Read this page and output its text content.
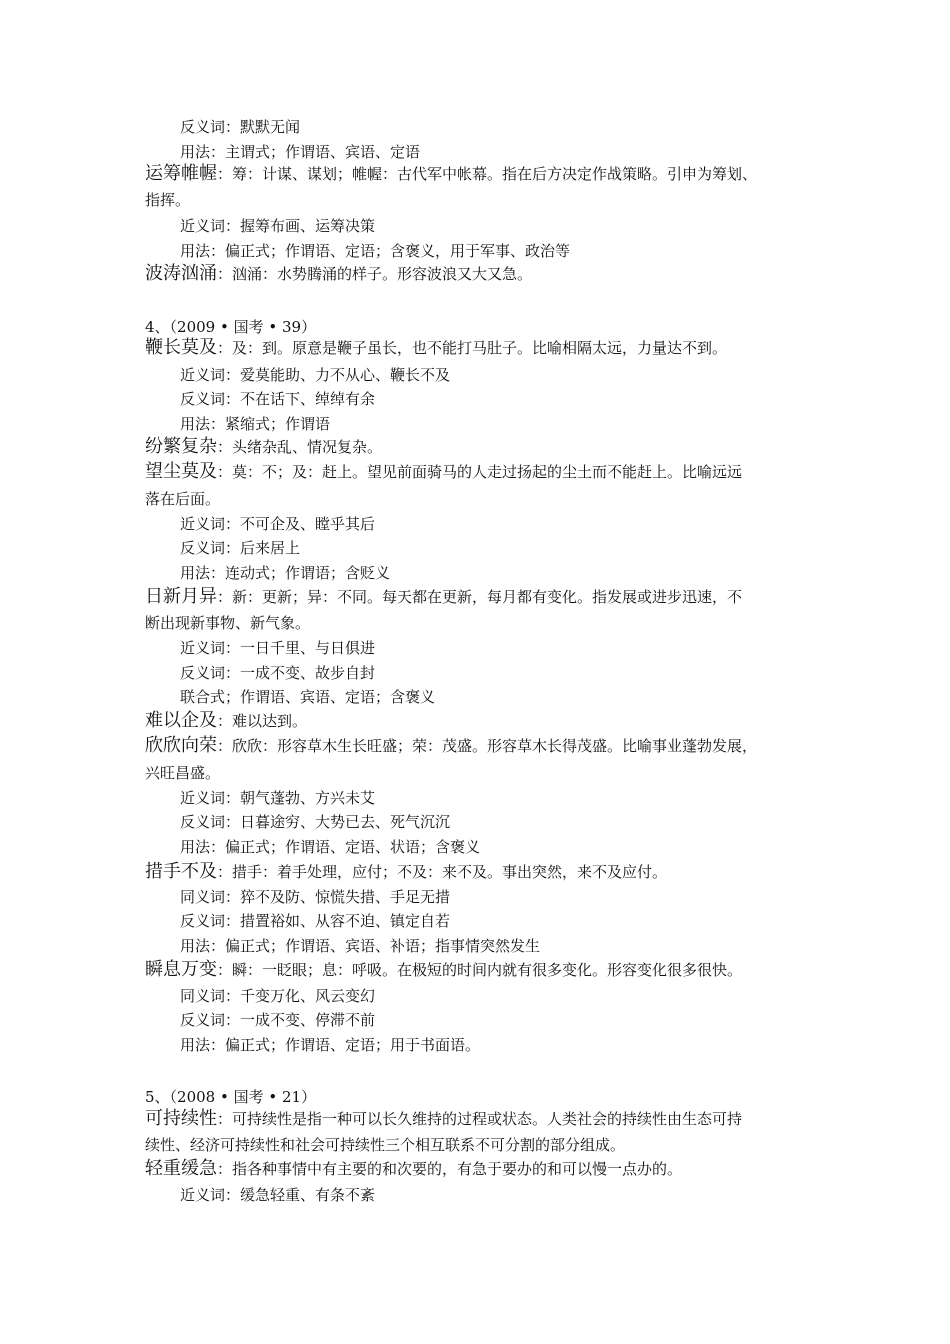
反义词：默默无闻
用法：主谓式；作谓语、宾语、定语
运筹帷幄：筹：计谋、谋划；帷幄：古代军中帐幕。指在后方决定作战策略。引申为筹划、
指挥。
近义词：握筹布画、运筹决策
用法：偏正式；作谓语、定语；含褒义，用于军事、政治等
波涛汹涌：汹涌：水势腾涌的样子。形容波浪又大又急。
4、（2009 • 国考 • 39）
鞭长莫及：及：到。原意是鞭子虽长，也不能打马肚子。比喻相隔太远，力量达不到。
近义词：爱莫能助、力不从心、鞭长不及
反义词：不在话下、绰绰有余
用法：紧缩式；作谓语
纷繁复杂：头绪杂乱、情况复杂。
望尘莫及：莫：不；及：赶上。望见前面骑马的人走过扬起的尘土而不能赶上。比喻远远
落在后面。
近义词：不可企及、瞠乎其后
反义词：后来居上
用法：连动式；作谓语；含贬义
日新月异：新：更新；异：不同。每天都在更新，每月都有变化。指发展或进步迅速，不
断出现新事物、新气象。
近义词：一日千里、与日俱进
反义词：一成不变、故步自封
联合式；作谓语、宾语、定语；含褒义
难以企及：难以达到。
欣欣向荣：欣欣：形容草木生长旺盛；荣：茂盛。形容草木长得茂盛。比喻事业蓬勃发展，
兴旺昌盛。
近义词：朝气蓬勃、方兴未艾
反义词：日暮途穷、大势已去、死气沉沉
用法：偏正式；作谓语、定语、状语；含褒义
措手不及：措手：着手处理，应付；不及：来不及。事出突然，来不及应付。
同义词：猝不及防、惊慌失措、手足无措
反义词：措置裕如、从容不迫、镇定自若
用法：偏正式；作谓语、宾语、补语；指事情突然发生
瞬息万变：瞬：一眨眼；息：呼吸。在极短的时间内就有很多变化。形容变化很多很快。
同义词：千变万化、风云变幻
反义词：一成不变、停滞不前
用法：偏正式；作谓语、定语；用于书面语。
5、（2008 • 国考 • 21）
可持续性：可持续性是指一种可以长久维持的过程或状态。人类社会的持续性由生态可持
续性、经济可持续性和社会可持续性三个相互联系不可分割的部分组成。
轻重缓急：指各种事情中有主要的和次要的，有急于要办的和可以慢一点办的。
近义词：缓急轻重、有条不紊
